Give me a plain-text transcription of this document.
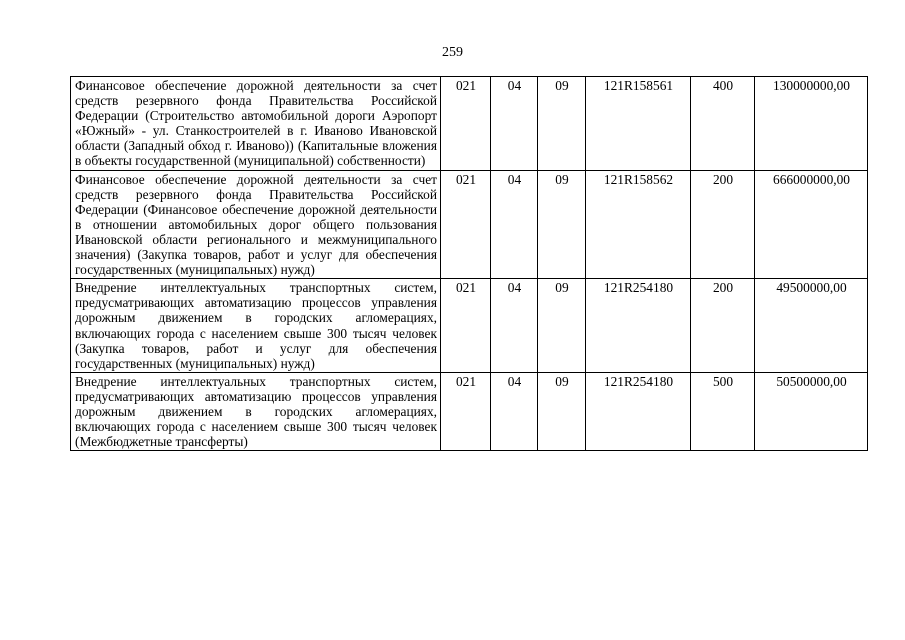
259
Финансовое обеспечение дорожной деятельности за счет средств резервного фонда Правительства Российской Федерации (Строительство автомобильной дороги Аэропорт «Южный» - ул. Станкостроителей в г. Иваново Ивановской области (Западный обход г. Иваново)) (Капитальные вложения в объекты государственной (муниципальной) собственности)	021	04	09	121R158561	400	130000000,00
Финансовое обеспечение дорожной деятельности за счет средств резервного фонда Правительства Российской Федерации (Финансовое обеспечение дорожной деятельности в отношении автомобильных дорог общего пользования Ивановской области регионального и межмуниципального значения) (Закупка товаров, работ и услуг для обеспечения государственных (муниципальных) нужд)	021	04	09	121R158562	200	666000000,00
Внедрение интеллектуальных транспортных систем, предусматривающих автоматизацию процессов управления дорожным движением в городских агломерациях, включающих города с населением свыше 300 тысяч человек (Закупка товаров, работ и услуг для обеспечения государственных (муниципальных) нужд)	021	04	09	121R254180	200	49500000,00
Внедрение интеллектуальных транспортных систем, предусматривающих автоматизацию процессов управления дорожным движением в городских агломерациях, включающих города с населением свыше 300 тысяч человек (Межбюджетные трансферты)	021	04	09	121R254180	500	50500000,00
